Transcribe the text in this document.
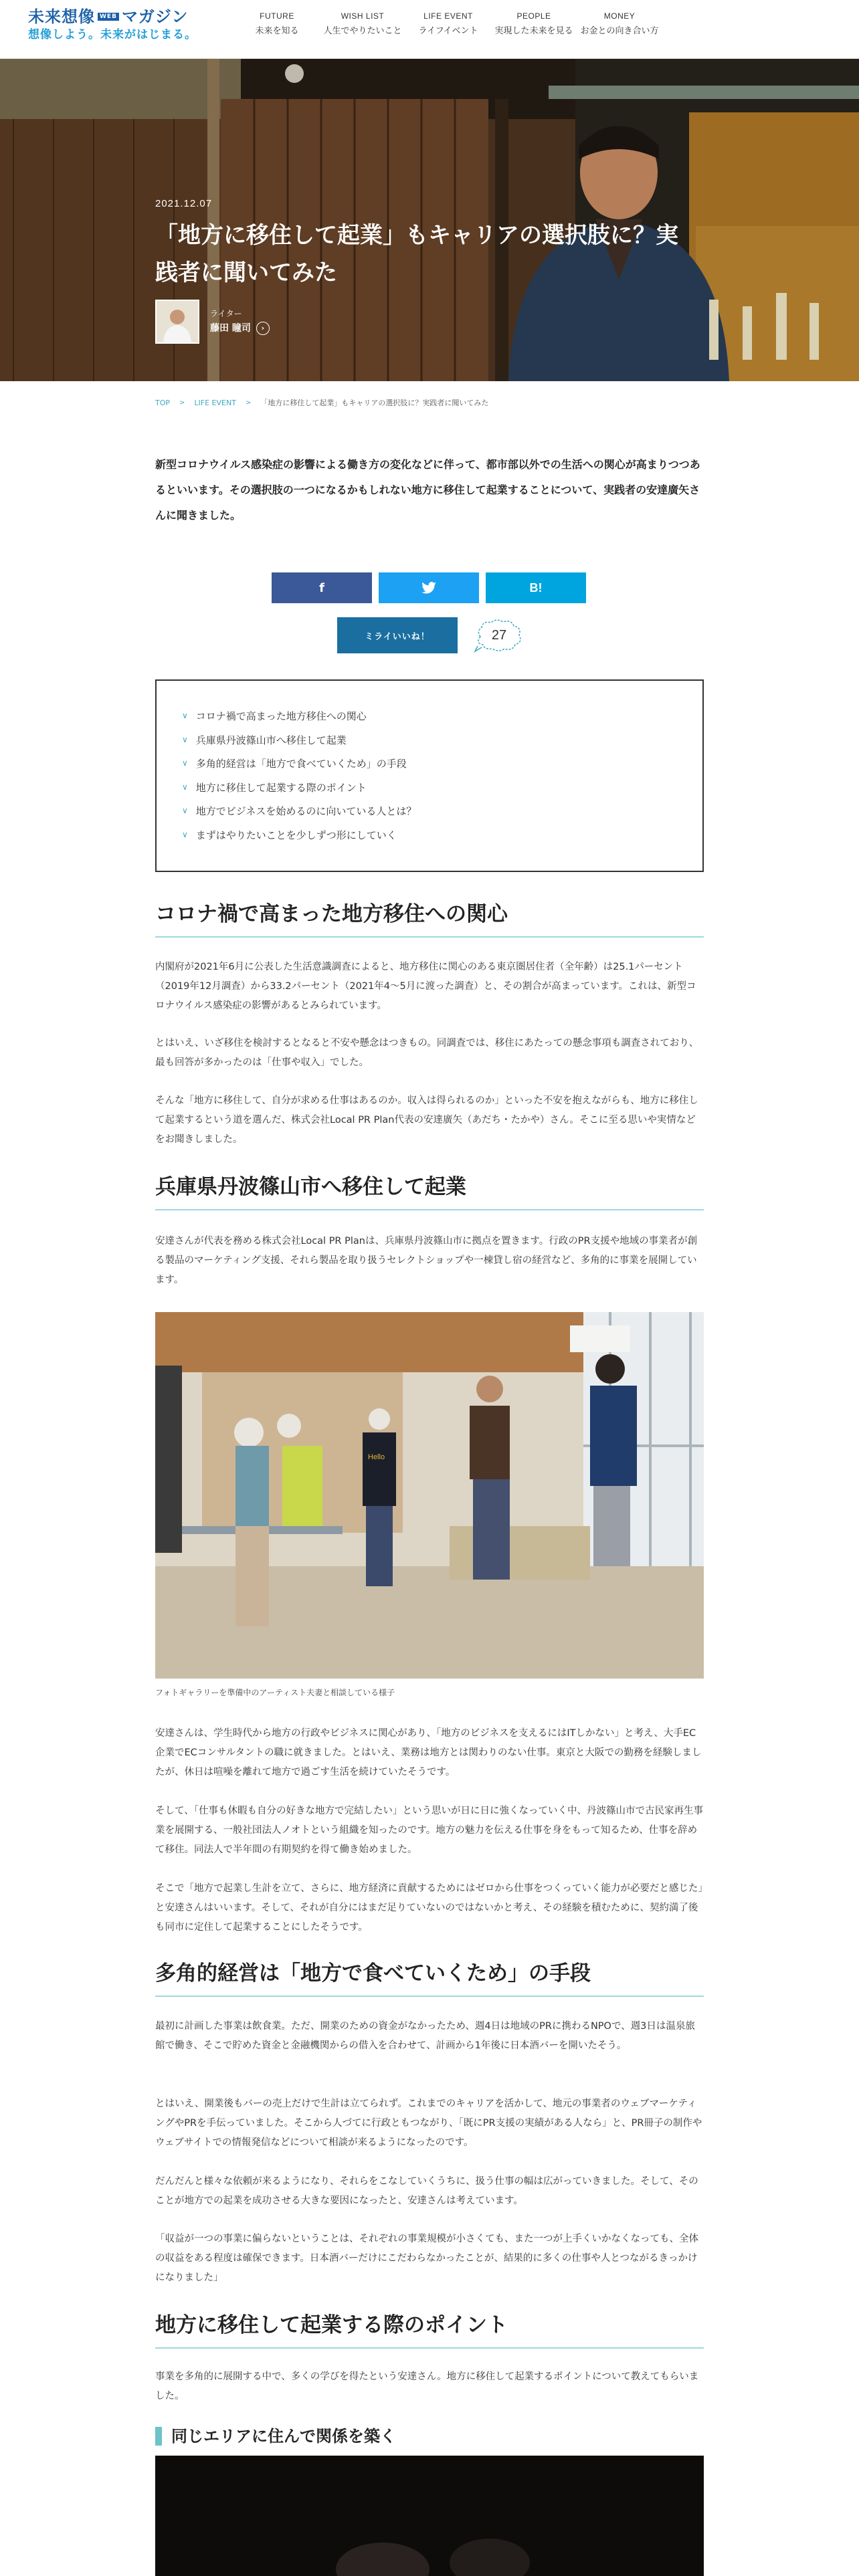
未来想像 WEB マガジン
想像しよう。未来がはじまる。
FUTURE
未来を知る
WISH LIST
人生でやりたいこと
LIFE EVENT
ライフイベント
PEOPLE
実現した未来を見る
MONEY
お金との向き合い方
2021.12.07
「地方に移住して起業」もキャリアの選択肢に？実践者に聞いてみた
ライター
藤田 瞳司	›
TOP > LIFE EVENT > 「地方に移住して起業」もキャリアの選択肢に？実践者に聞いてみた
新型コロナウイルス感染症の影響による働き方の変化などに伴って、都市部以外での生活への関心が高まりつつあるといいます。その選択肢の一つになるかもしれない地方に移住して起業することについて、実践者の安達廣矢さんに聞きました。
f	B!
ミライいいね！	27
∨ コロナ禍で高まった地方移住への関心
∨ 兵庫県丹波篠山市へ移住して起業
∨ 多角的経営は「地方で食べていくため」の手段
∨ 地方に移住して起業する際のポイント
∨ 地方でビジネスを始めるのに向いている人とは？
∨ まずはやりたいことを少しずつ形にしていく
コロナ禍で高まった地方移住への関心
内閣府が2021年6月に公表した生活意識調査によると、地方移住に関心のある東京圏居住者（全年齢）は25.1パーセント（2019年12月調査）から33.2パーセント（2021年4〜5月に渡った調査）と、その割合が高まっています。これは、新型コロナウイルス感染症の影響があるとみられています。
とはいえ、いざ移住を検討するとなると不安や懸念はつきもの。同調査では、移住にあたっての懸念事項も調査されており、最も回答が多かったのは「仕事や収入」でした。
そんな「地方に移住して、自分が求める仕事はあるのか。収入は得られるのか」といった不安を抱えながらも、地方に移住して起業するという道を選んだ、株式会社Local PR Plan代表の安達廣矢（あだち・たかや）さん。そこに至る思いや実情などをお聞きしました。
兵庫県丹波篠山市へ移住して起業
安達さんが代表を務める株式会社Local PR Planは、兵庫県丹波篠山市に拠点を置きます。行政のPR支援や地域の事業者が創る製品のマーケティング支援、それら製品を取り扱うセレクトショップや一棟貸し宿の経営など、多角的に事業を展開しています。
Hello
フォトギャラリーを準備中のアーティスト夫妻と相談している様子
安達さんは、学生時代から地方の行政やビジネスに関心があり、「地方のビジネスを支えるにはITしかない」と考え、大手EC企業でECコンサルタントの職に就きました。とはいえ、業務は地方とは関わりのない仕事。東京と大阪での勤務を経験しましたが、休日は喧噪を離れて地方で過ごす生活を続けていたそうです。
そして、「仕事も休暇も自分の好きな地方で完結したい」という思いが日に日に強くなっていく中、丹波篠山市で古民家再生事業を展開する、一般社団法人ノオトという組織を知ったのです。地方の魅力を伝える仕事を身をもって知るため、仕事を辞めて移住。同法人で半年間の有期契約を得て働き始めました。
そこで「地方で起業し生計を立て、さらに、地方経済に貢献するためにはゼロから仕事をつくっていく能力が必要だと感じた」と安達さんはいいます。そして、それが自分にはまだ足りていないのではないかと考え、その経験を積むために、契約満了後も同市に定住して起業することにしたそうです。
多角的経営は「地方で食べていくため」の手段
最初に計画した事業は飲食業。ただ、開業のための資金がなかったため、週4日は地域のPRに携わるNPOで、週3日は温泉旅館で働き、そこで貯めた資金と金融機関からの借入を合わせて、計画から1年後に日本酒バーを開いたそう。
とはいえ、開業後もバーの売上だけで生計は立てられず。これまでのキャリアを活かして、地元の事業者のウェブマーケティングやPRを手伝っていました。そこから人づてに行政ともつながり、「既にPR支援の実績がある人なら」と、PR冊子の制作やウェブサイトでの情報発信などについて相談が来るようになったのです。
だんだんと様々な依頼が来るようになり、それらをこなしていくうちに、扱う仕事の幅は広がっていきました。そして、そのことが地方での起業を成功させる大きな要因になったと、安達さんは考えています。
「収益が一つの事業に偏らないということは、それぞれの事業規模が小さくても、また一つが上手くいかなくなっても、全体の収益をある程度は確保できます。日本酒バーだけにこだわらなかったことが、結果的に多くの仕事や人とつながるきっかけになりました」
地方に移住して起業する際のポイント
事業を多角的に展開する中で、多くの学びを得たという安達さん。地方に移住して起業するポイントについて教えてもらいました。
同じエリアに住んで関係を築く
